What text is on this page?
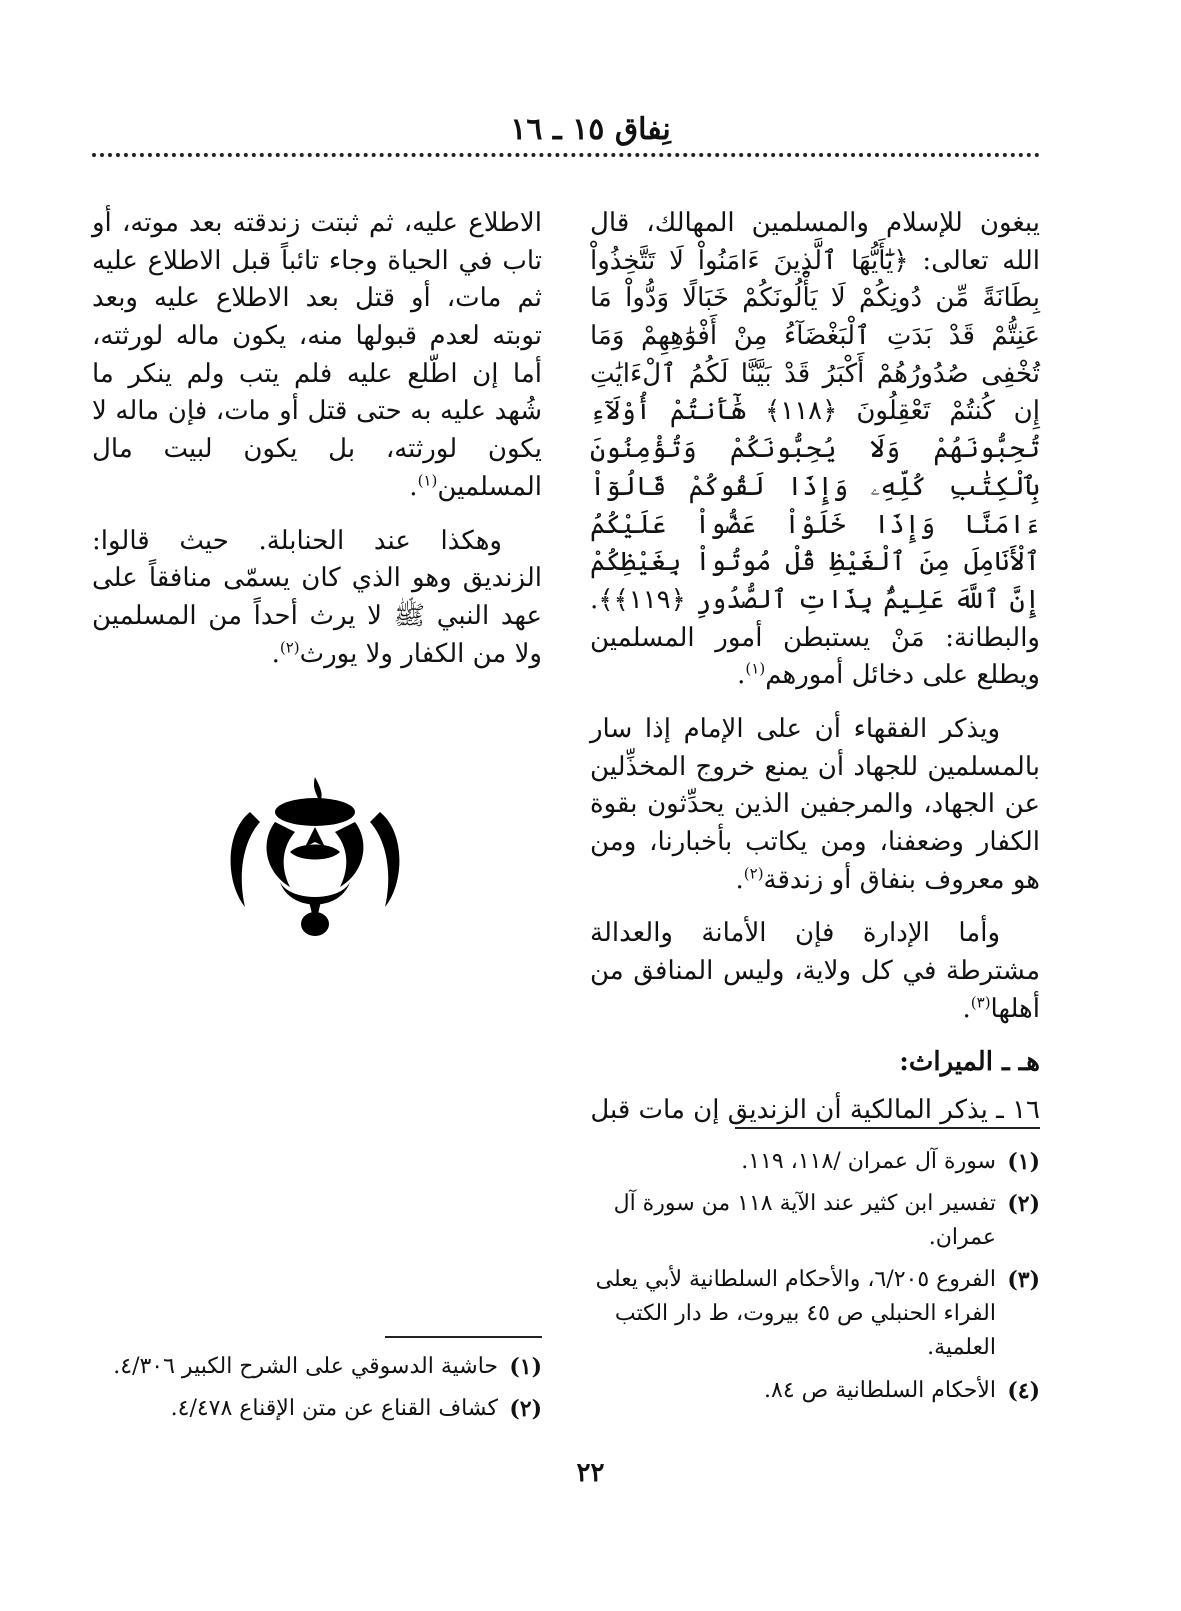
نِفاق ١٥ ـ ١٦

يبغون للإسلام والمسلمين المهالك، قال الله تعالى: ﴿يَٰٓأَيُّهَا ٱلَّذِينَ ءَامَنُواْ لَا تَتَّخِذُواْ بِطَانَةً مِّن دُونِكُمْ لَا يَأْلُونَكُمْ خَبَالًا وَدُّواْ مَا عَنِتُّمْ قَدْ بَدَتِ ٱلْبَغْضَآءُ مِنْ أَفْوَٰهِهِمْ وَمَا تُخْفِى صُدُورُهُمْ أَكْبَرُ قَدْ بَيَّنَّا لَكُمُ ٱلْءَايَٰتِ إِن كُنتُمْ تَعْقِلُونَ ﴿١١٨﴾ هَٰٓأَنتُمْ أُوْلَآءِ تُحِبُّونَهُمْ وَلَا يُحِبُّونَكُمْ وَتُؤْمِنُونَ بِٱلْكِتَٰبِ كُلِّهِۦ وَإِذَا لَقُوكُمْ قَالُوٓاْ ءَامَنَّا وَإِذَا خَلَوْاْ عَضُّواْ عَلَيْكُمُ ٱلْأَنَامِلَ مِنَ ٱلْغَيْظِ قُلْ مُوتُواْ بِغَيْظِكُمْ إِنَّ ٱللَّهَ عَلِيمٌۢ بِذَاتِ ٱلصُّدُورِ ﴿١١٩﴾﴾. والبطانة: مَنْ يستبطن أمور المسلمين ويطلع على دخائل أمورهم$^{(١)}$.

ويذكر الفقهاء أن على الإمام إذا سار بالمسلمين للجهاد أن يمنع خروج المخذِّلين عن الجهاد، والمرجفين الذين يحدِّثون بقوة الكفار وضعفنا، ومن يكاتب بأخبارنا، ومن هو معروف بنفاق أو زندقة$^{(٢)}$.

وأما الإدارة فإن الأمانة والعدالة مشترطة في كل ولاية، وليس المنافق من أهلها$^{(٣)}$.

هـ ـ الميراث:

١٦ ـ يذكر المالكية أن الزنديق إن مات قبل

الاطلاع عليه، ثم ثبتت زندقته بعد موته، أو تاب في الحياة وجاء تائباً قبل الاطلاع عليه ثم مات، أو قتل بعد الاطلاع عليه وبعد توبته لعدم قبولها منه، يكون ماله لورثته، أما إن اطّلع عليه فلم يتب ولم ينكر ما شُهد عليه به حتى قتل أو مات، فإن ماله لا يكون لورثته، بل يكون لبيت مال المسلمين$^{(١)}$.

وهكذا عند الحنابلة. حيث قالوا: الزنديق وهو الذي كان يسمّى منافقاً على عهد النبي ﷺ لا يرث أحداً من المسلمين ولا من الكفار ولا يورث$^{(٢)}$.

(١)
سورة آل عمران /١١٨، ١١٩.
(٢)
تفسير ابن كثير عند الآية ١١٨ من سورة آل عمران.
(٣)
الفروع ٦/٢٠٥، والأحكام السلطانية لأبي يعلى الفراء الحنبلي ص ٤٥ بيروت، ط دار الكتب العلمية.
(٤)
الأحكام السلطانية ص ٨٤.
(١)
حاشية الدسوقي على الشرح الكبير ٤/٣٠٦.
(٢)
كشاف القناع عن متن الإقناع ٤/٤٧٨.
٢٢
